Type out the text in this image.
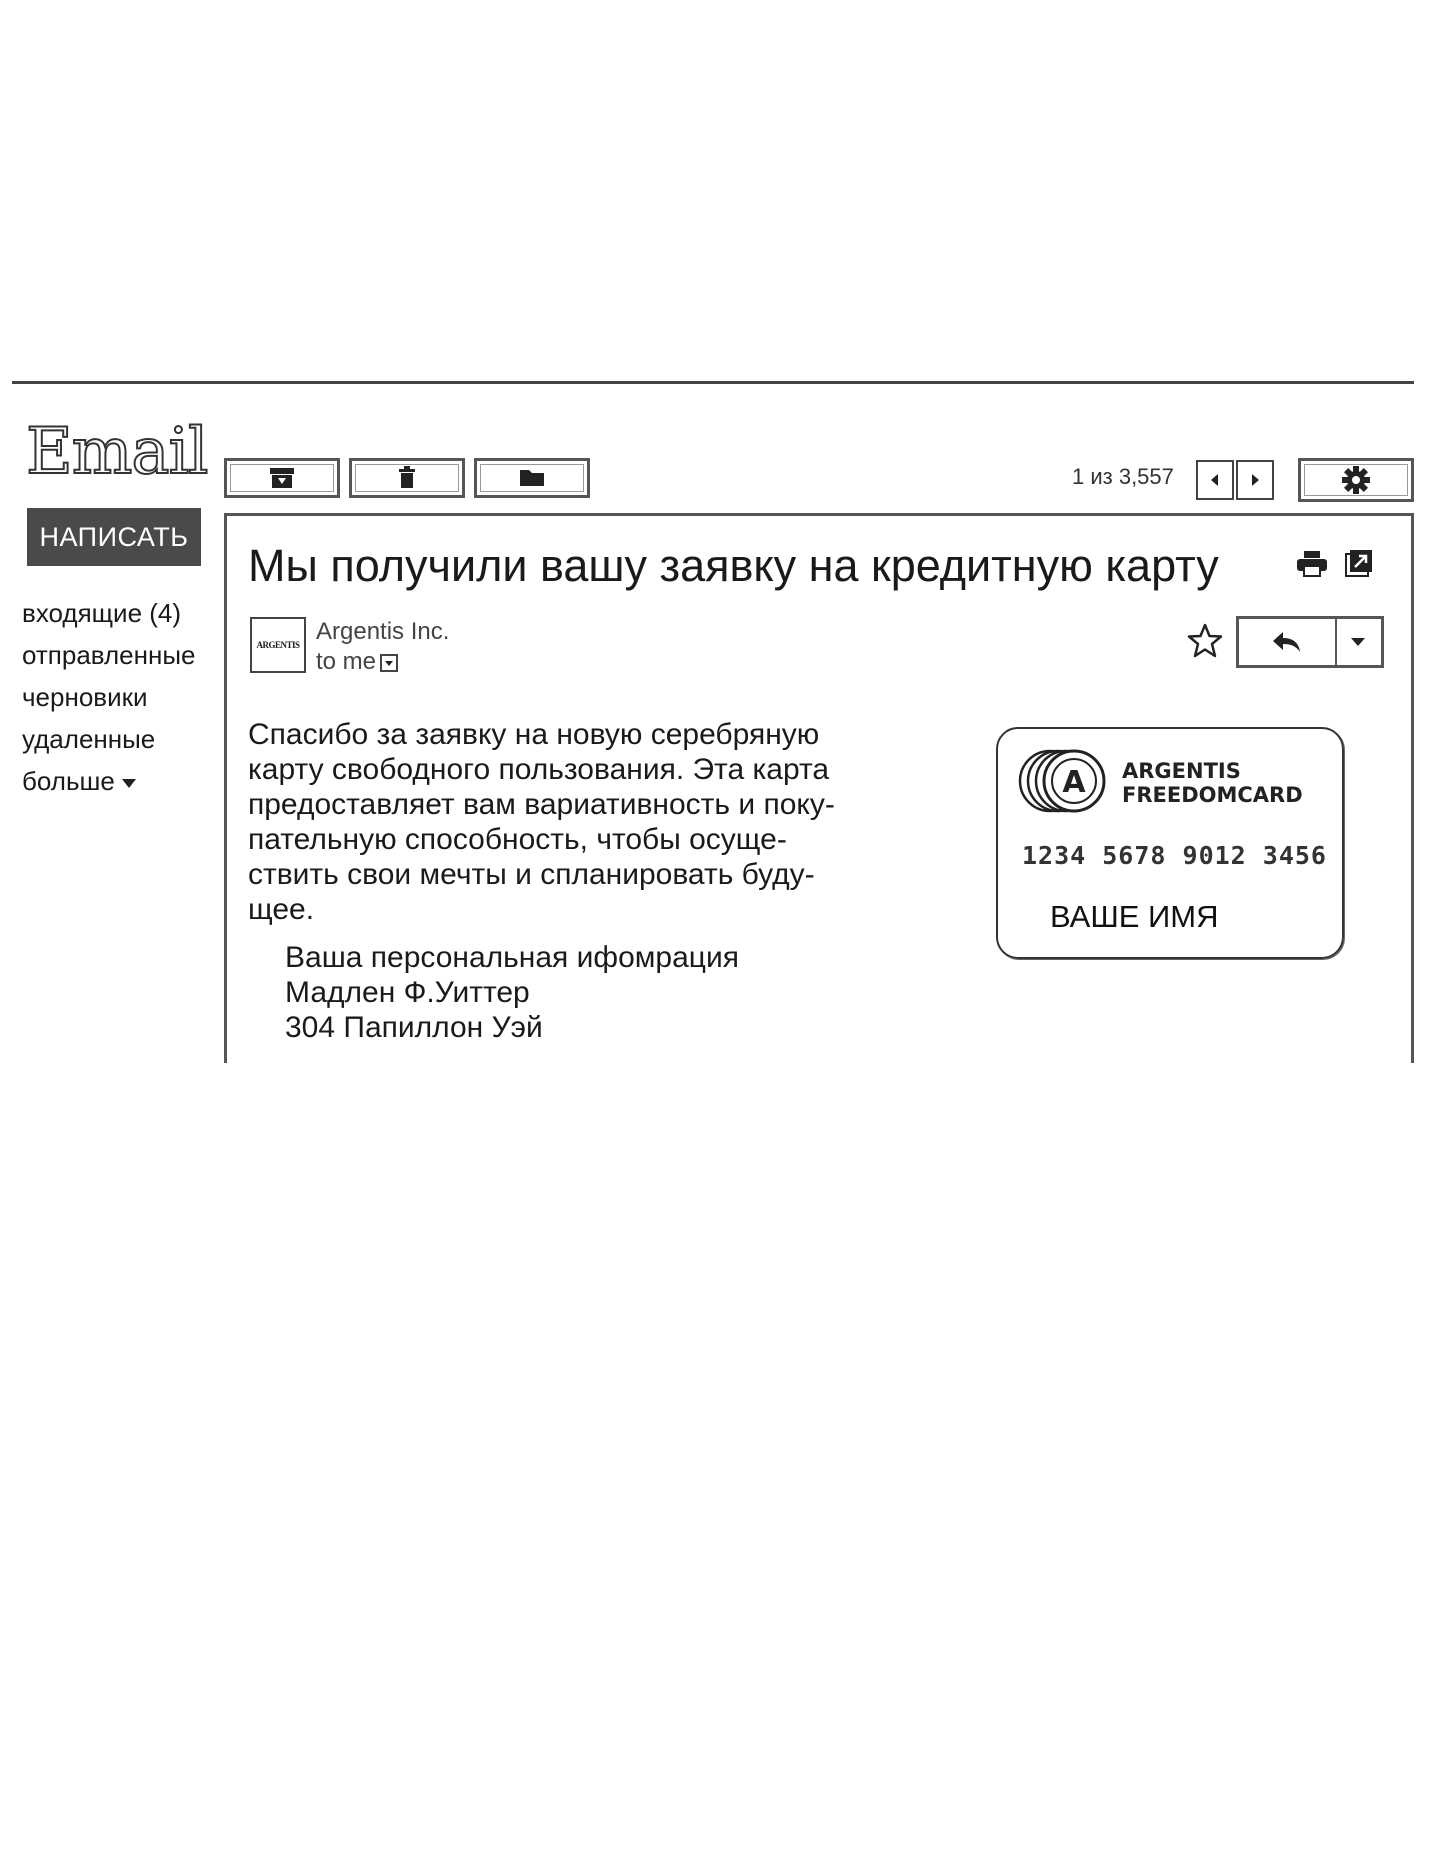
Email
НАПИСАТЬ
входящие (4)
отправленные
черновики
удаленные
больше
1 из 3,557
Мы получили вашу заявку на кредитную карту
ARGENTIS Argentis Inc.
to me
Спасибо за заявку на новую серебряную
карту свободного пользования. Эта карта
предоставляет вам вариативность и поку-
пательную способность, чтобы осуще-
ствить свои мечты и спланировать буду-
щее.
Ваша персональная ифомрация
Мадлен Ф.Уиттер
304 Папиллон Уэй
A ARGENTIS
FREEDOMCARD
1234 5678 9012 3456
ВАШЕ ИМЯ
